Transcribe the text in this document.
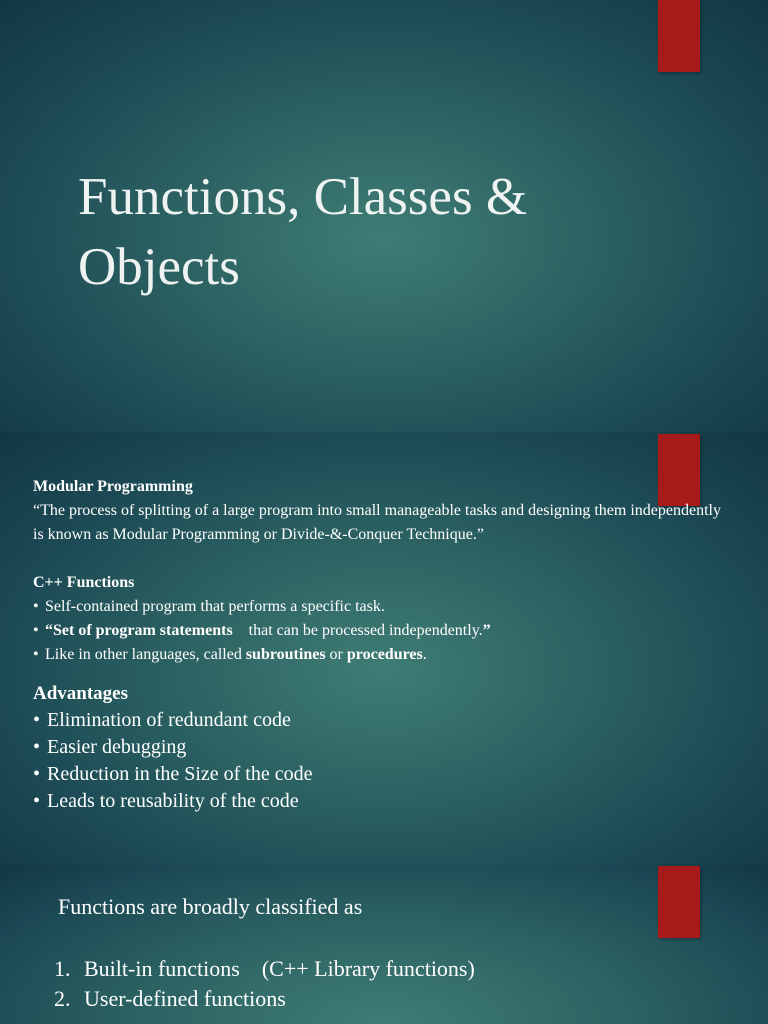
Functions, Classes &
Objects
Modular Programming
“The process of splitting of a large program into small manageable tasks and designing them independently is known as Modular Programming or Divide-&-Conquer Technique.”
C++ Functions
• Self-contained program that performs a specific task.
• “Set of program statements that can be processed independently.”
• Like in other languages, called subroutines or procedures.
Advantages
• Elimination of redundant code
• Easier debugging
• Reduction in the Size of the code
• Leads to reusability of the code
Functions are broadly classified as
1. Built-in functions (C++ Library functions)
2. User-defined functions
